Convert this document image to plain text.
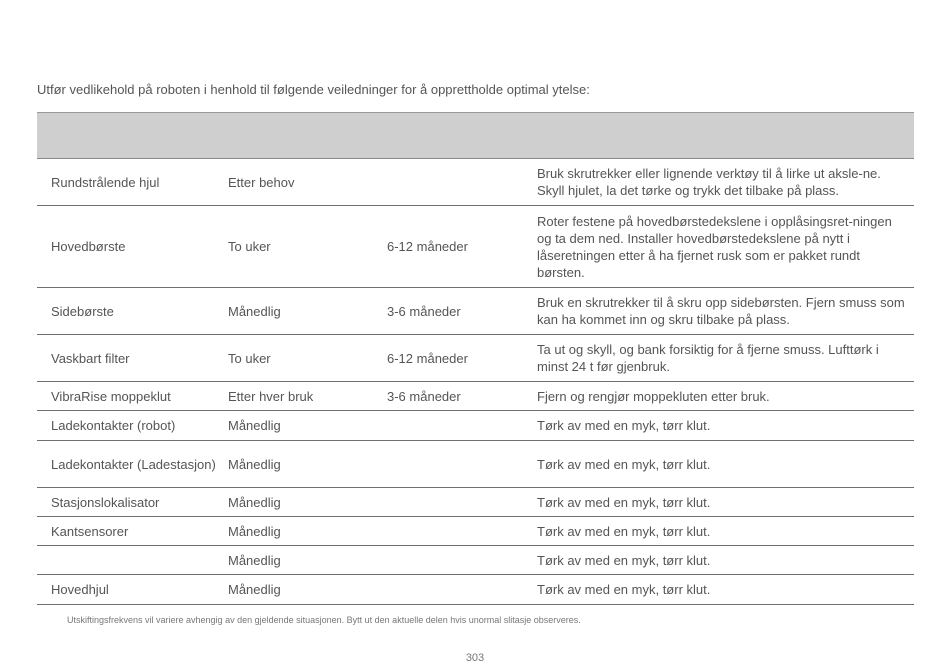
Utfør vedlikehold på roboten i henhold til følgende veiledninger for å opprettholde optimal ytelse:

Rundstrålende hjul	Etter behov		Bruk skrutrekker eller lignende verktøy til å lirke ut aksle-ne. Skyll hjulet, la det tørke og trykk det tilbake på plass.
Hovedbørste	To uker	6-12 måneder	Roter festene på hovedbørstedekslene i opplåsingsret-ningen og ta dem ned. Installer hovedbørstedekslene på nytt i låseretningen etter å ha fjernet rusk som er pakket rundt børsten.
Sidebørste	Månedlig	3-6 måneder	Bruk en skrutrekker til å skru opp sidebørsten. Fjern smuss som kan ha kommet inn og skru tilbake på plass.
Vaskbart filter	To uker	6-12 måneder	Ta ut og skyll, og bank forsiktig for å fjerne smuss. Lufttørk i minst 24 t før gjenbruk.
VibraRise moppeklut	Etter hver bruk	3-6 måneder	Fjern og rengjør moppekluten etter bruk.
Ladekontakter (robot)	Månedlig		Tørk av med en myk, tørr klut.
Ladekontakter (Ladestasjon)	Månedlig		Tørk av med en myk, tørr klut.
Stasjonslokalisator	Månedlig		Tørk av med en myk, tørr klut.
Kantsensorer	Månedlig		Tørk av med en myk, tørr klut.
	Månedlig		Tørk av med en myk, tørr klut.
Hovedhjul	Månedlig		Tørk av med en myk, tørr klut.

Utskiftingsfrekvens vil variere avhengig av den gjeldende situasjonen. Bytt ut den aktuelle delen hvis unormal slitasje observeres.

303
